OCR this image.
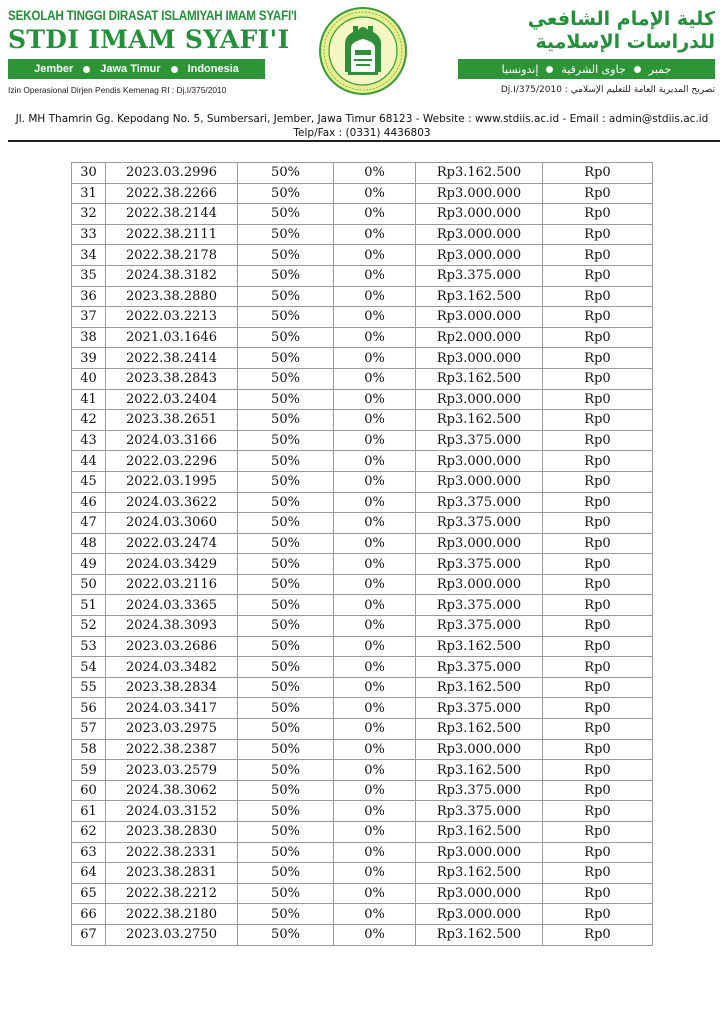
SEKOLAH TINGGI DIRASAT ISLAMIYAH IMAM SYAFI'I
STDI IMAM SYAFI'I
Jember Jawa Timur Indonesia
Izin Operasional Dirjen Pendis Kemenag RI : Dj.I/375/2010
كلية الإمام الشافعي
للدراسات الإسلامية
جمبر
جاوى الشرقية
إندونسيا
تصريح المديرية العامة للتعليم الإسلامي : Dj.I/375/2010
Jl. MH Thamrin Gg. Kepodang No. 5, Sumbersari, Jember, Jawa Timur 68123 - Website : www.stdiis.ac.id - Email : admin@stdiis.ac.id
Telp/Fax : (0331) 4436803
30	2023.03.2996	50%	0%	Rp3.162.500	Rp0
31	2022.38.2266	50%	0%	Rp3.000.000	Rp0
32	2022.38.2144	50%	0%	Rp3.000.000	Rp0
33	2022.38.2111	50%	0%	Rp3.000.000	Rp0
34	2022.38.2178	50%	0%	Rp3.000.000	Rp0
35	2024.38.3182	50%	0%	Rp3.375.000	Rp0
36	2023.38.2880	50%	0%	Rp3.162.500	Rp0
37	2022.03.2213	50%	0%	Rp3.000.000	Rp0
38	2021.03.1646	50%	0%	Rp2.000.000	Rp0
39	2022.38.2414	50%	0%	Rp3.000.000	Rp0
40	2023.38.2843	50%	0%	Rp3.162.500	Rp0
41	2022.03.2404	50%	0%	Rp3.000.000	Rp0
42	2023.38.2651	50%	0%	Rp3.162.500	Rp0
43	2024.03.3166	50%	0%	Rp3.375.000	Rp0
44	2022.03.2296	50%	0%	Rp3.000.000	Rp0
45	2022.03.1995	50%	0%	Rp3.000.000	Rp0
46	2024.03.3622	50%	0%	Rp3.375.000	Rp0
47	2024.03.3060	50%	0%	Rp3.375.000	Rp0
48	2022.03.2474	50%	0%	Rp3.000.000	Rp0
49	2024.03.3429	50%	0%	Rp3.375.000	Rp0
50	2022.03.2116	50%	0%	Rp3.000.000	Rp0
51	2024.03.3365	50%	0%	Rp3.375.000	Rp0
52	2024.38.3093	50%	0%	Rp3.375.000	Rp0
53	2023.03.2686	50%	0%	Rp3.162.500	Rp0
54	2024.03.3482	50%	0%	Rp3.375.000	Rp0
55	2023.38.2834	50%	0%	Rp3.162.500	Rp0
56	2024.03.3417	50%	0%	Rp3.375.000	Rp0
57	2023.03.2975	50%	0%	Rp3.162.500	Rp0
58	2022.38.2387	50%	0%	Rp3.000.000	Rp0
59	2023.03.2579	50%	0%	Rp3.162.500	Rp0
60	2024.38.3062	50%	0%	Rp3.375.000	Rp0
61	2024.03.3152	50%	0%	Rp3.375.000	Rp0
62	2023.38.2830	50%	0%	Rp3.162.500	Rp0
63	2022.38.2331	50%	0%	Rp3.000.000	Rp0
64	2023.38.2831	50%	0%	Rp3.162.500	Rp0
65	2022.38.2212	50%	0%	Rp3.000.000	Rp0
66	2022.38.2180	50%	0%	Rp3.000.000	Rp0
67	2023.03.2750	50%	0%	Rp3.162.500	Rp0
